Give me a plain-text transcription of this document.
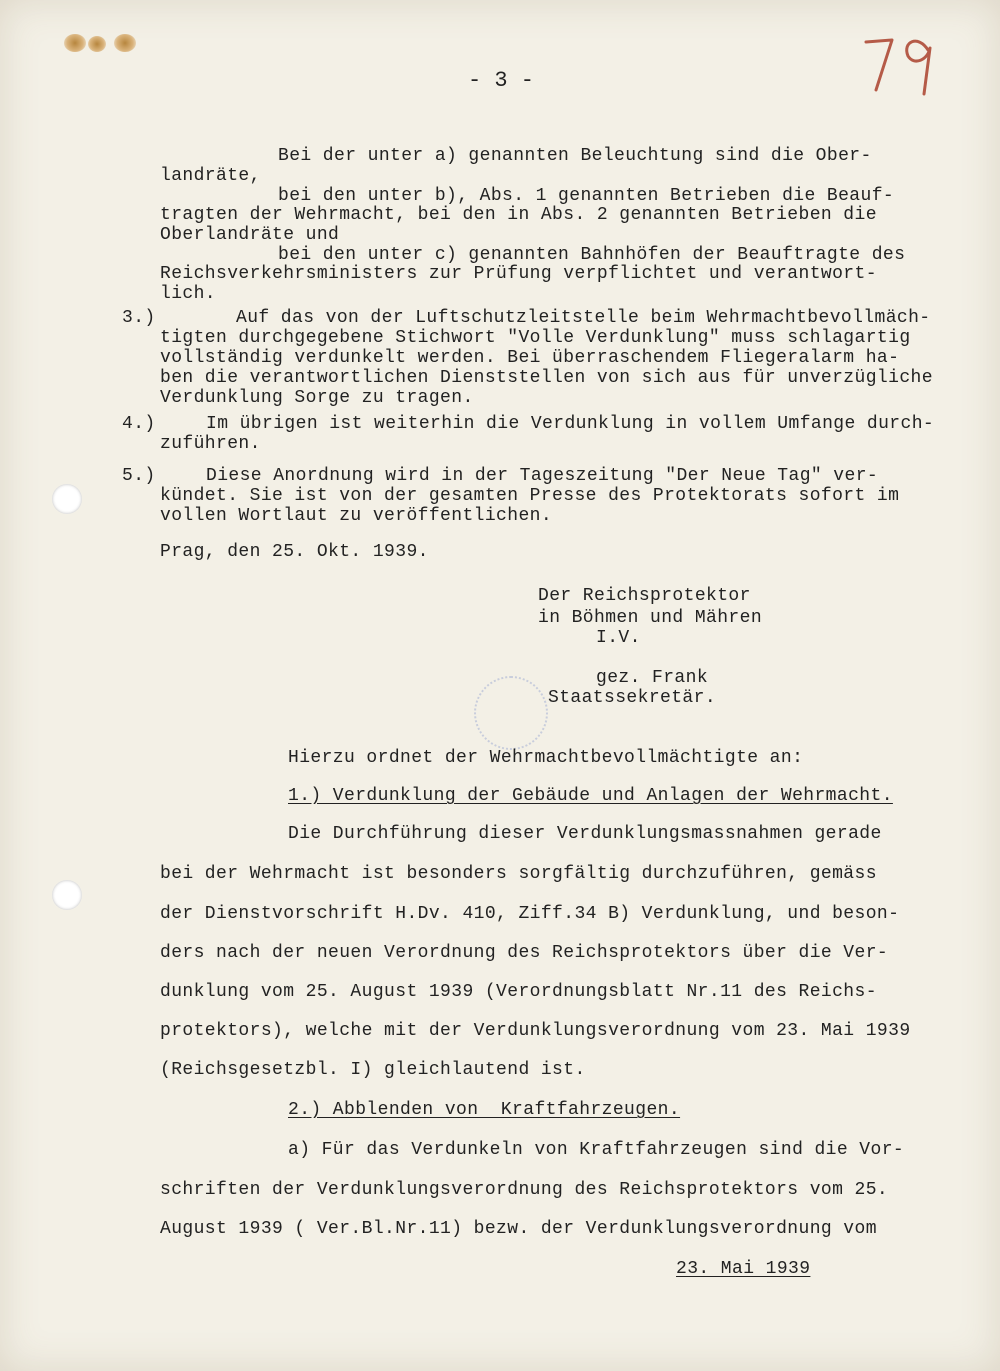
- 3 -
Bei der unter a) genannten Beleuchtung sind die Ober-
landräte,
bei den unter b), Abs. 1 genannten Betrieben die Beauf-
tragten der Wehrmacht, bei den in Abs. 2 genannten Betrieben die
Oberlandräte und
bei den unter c) genannten Bahnhöfen der Beauftragte des
Reichsverkehrsministers zur Prüfung verpflichtet und verantwort-
lich.
3.)	Auf das von der Luftschutzleitstelle beim Wehrmachtbevollmäch-
tigten durchgegebene Stichwort "Volle Verdunklung" muss schlagartig
vollständig verdunkelt werden. Bei überraschendem Fliegeralarm ha-
ben die verantwortlichen Dienststellen von sich aus für unverzügliche
Verdunklung Sorge zu tragen.
4.)	Im übrigen ist weiterhin die Verdunklung in vollem Umfange durch-
zuführen.
5.)	Diese Anordnung wird in der Tageszeitung "Der Neue Tag" ver-
kündet. Sie ist von der gesamten Presse des Protektorats sofort im
vollen Wortlaut zu veröffentlichen.
Prag, den 25. Okt. 1939.
Der Reichsprotektor
in Böhmen und Mähren
I.V.
gez. Frank
Staatssekretär.
Hierzu ordnet der Wehrmachtbevollmächtigte an:
1.) Verdunklung der Gebäude und Anlagen der Wehrmacht.
Die Durchführung dieser Verdunklungsmassnahmen gerade
bei der Wehrmacht ist besonders sorgfältig durchzuführen, gemäss
der Dienstvorschrift H.Dv. 410, Ziff.34 B) Verdunklung, und beson-
ders nach der neuen Verordnung des Reichsprotektors über die Ver-
dunklung vom 25. August 1939 (Verordnungsblatt Nr.11 des Reichs-
protektors), welche mit der Verdunklungsverordnung vom 23. Mai 1939
(Reichsgesetzbl. I) gleichlautend ist.
2.) Abblenden von  Kraftfahrzeugen.
a) Für das Verdunkeln von Kraftfahrzeugen sind die Vor-
schriften der Verdunklungsverordnung des Reichsprotektors vom 25.
August 1939 ( Ver.Bl.Nr.11) bezw. der Verdunklungsverordnung vom
23. Mai 1939
